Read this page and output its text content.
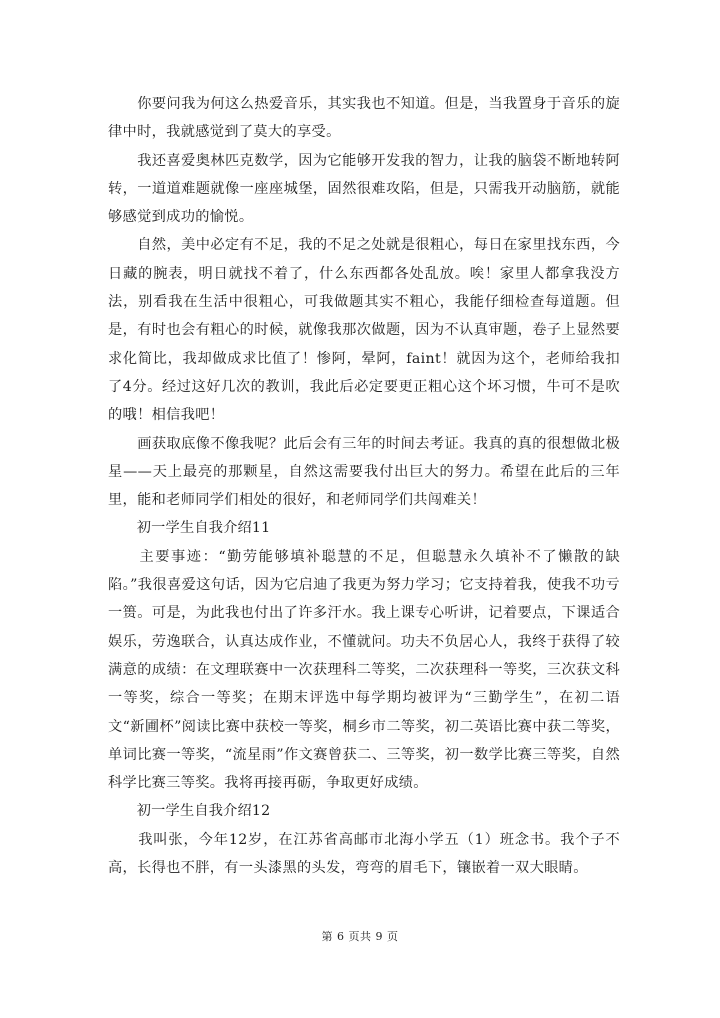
　　你要问我为何这么热爱音乐，其实我也不知道。但是，当我置身于音乐的旋律中时，我就感觉到了莫大的享受。

　　我还喜爱奥林匹克数学，因为它能够开发我的智力，让我的脑袋不断地转阿转，一道道难题就像一座座城堡，固然很难攻陷，但是，只需我开动脑筋，就能够感觉到成功的愉悦。

　　自然，美中必定有不足，我的不足之处就是很粗心，每日在家里找东西，今日藏的腕表，明日就找不着了，什么东西都各处乱放。唉！家里人都拿我没方法，别看我在生活中很粗心，可我做题其实不粗心，我能仔细检查每道题。但是，有时也会有粗心的时候，就像我那次做题，因为不认真审题，卷子上显然要求化简比，我却做成求比值了！惨阿，晕阿，faint！就因为这个，老师给我扣了4分。经过这好几次的教训，我此后必定要更正粗心这个坏习惯，牛可不是吹的哦！相信我吧！

　　画获取底像不像我呢？此后会有三年的时间去考证。我真的真的很想做北极星——天上最亮的那颗星，自然这需要我付出巨大的努力。希望在此后的三年里，能和老师同学们相处的很好，和老师同学们共闯难关！

　　初一学生自我介绍11

　　主要事迹：“勤劳能够填补聪慧的不足，但聪慧永久填补不了懒散的缺陷。”我很喜爱这句话，因为它启迪了我更为努力学习；它支持着我，使我不功亏一篑。可是，为此我也付出了许多汗水。我上课专心听讲，记着要点，下课适合娱乐，劳逸联合，认真达成作业，不懂就问。功夫不负居心人，我终于获得了较满意的成绩：在文理联赛中一次获理科二等奖，二次获理科一等奖，三次获文科一等奖，综合一等奖；在期末评选中每学期均被评为“三勤学生”，在初二语文“新圃杯”阅读比赛中获校一等奖，桐乡市二等奖，初二英语比赛中获二等奖，单词比赛一等奖，“流星雨”作文赛曾获二、三等奖，初一数学比赛三等奖，自然科学比赛三等奖。我将再接再砺，争取更好成绩。

　　初一学生自我介绍12

　　我叫张，今年12岁，在江苏省高邮市北海小学五（1）班念书。我个子不高，长得也不胖，有一头漆黑的头发，弯弯的眉毛下，镶嵌着一双大眼睛。

第 6 页共 9 页
